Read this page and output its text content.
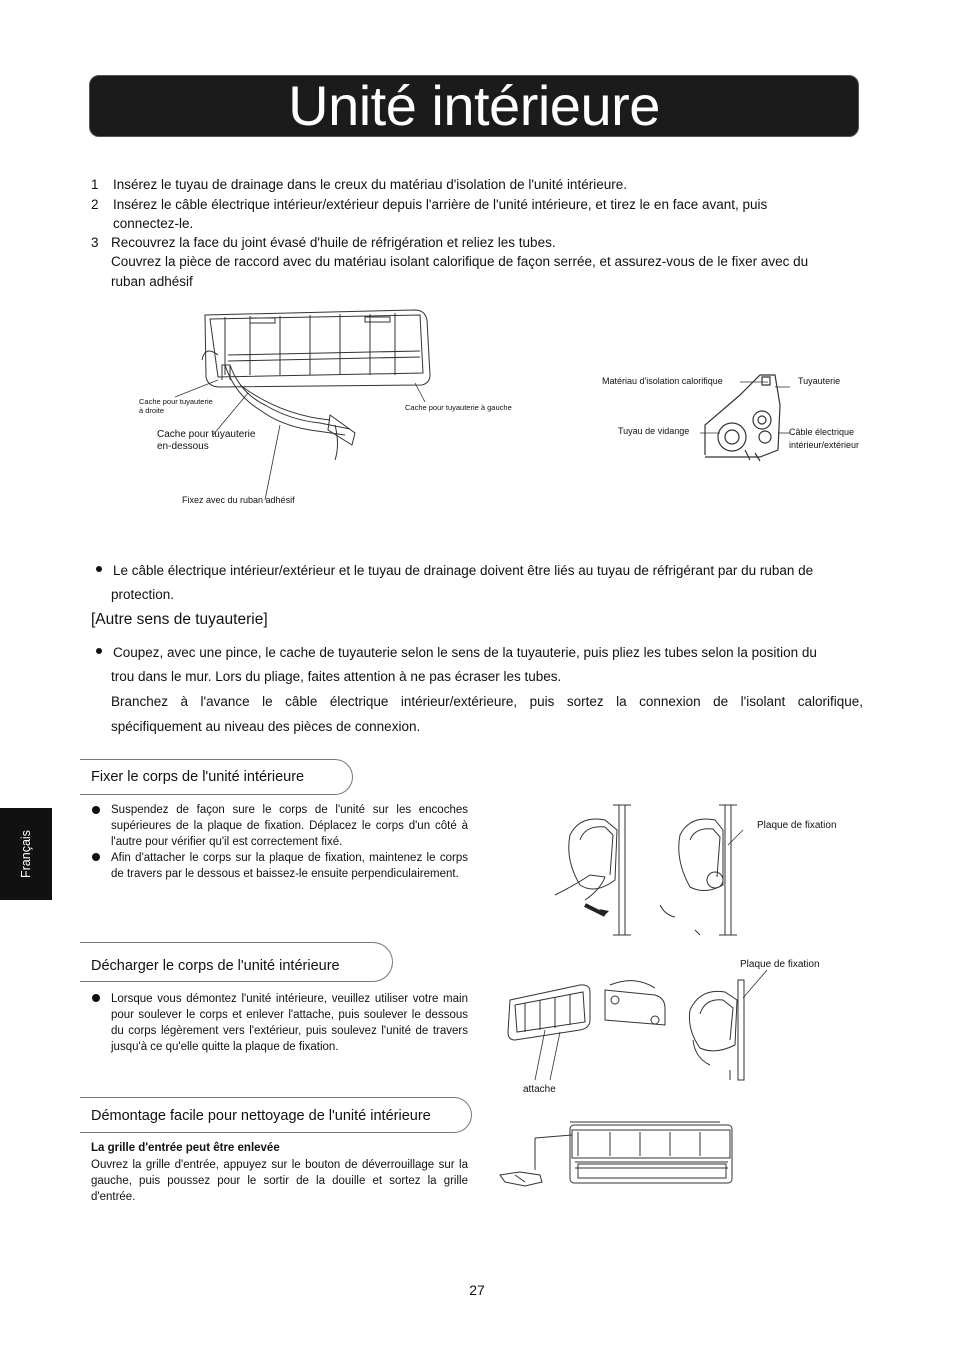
Unité intérieure
1 Insérez le tuyau de drainage dans le creux du matériau d'isolation de l'unité intérieure.
2 Insérez le câble électrique intérieur/extérieur depuis l'arrière de l'unité intérieure, et tirez le en face avant, puis
connectez-le.
3 Recouvrez la face du joint évasé d'huile de réfrigération et reliez les tubes.
Couvrez la pièce de raccord avec du matériau isolant calorifique de façon serrée, et assurez-vous de le fixer avec du
ruban adhésif
Cache pour tuyauterie
à droite	Cache pour tuyauterie à gauche
Cache pour tuyauterie
en-dessous
Fixez avec du ruban adhésif
Matériau d'isolation calorifique	Tuyauterie
Tuyau de vidange	Câble électrique
intérieur/extérieur
Le câble électrique intérieur/extérieur et le tuyau de drainage doivent être liés au tuyau de réfrigérant par du ruban de
protection.
[Autre sens de tuyauterie]
Coupez, avec une pince, le cache de tuyauterie selon le sens de la tuyauterie, puis pliez les tubes selon la position du
trou dans le mur. Lors du pliage, faites attention à ne pas écraser les tubes.
Branchez à l'avance le câble électrique intérieur/extérieure, puis sortez la connexion de l'isolant calorifique,
spécifiquement au niveau des pièces de connexion.
Français
Fixer le corps de l'unité intérieure
Suspendez de façon sure le corps de l'unité sur les encoches supérieures de la plaque de fixation. Déplacez le corps d'un côté à l'autre pour vérifier qu'il est correctement fixé.
Afin d'attacher le corps sur la plaque de fixation, maintenez le corps de travers par le dessous et baissez-le ensuite perpendiculairement.
Plaque de fixation
Décharger le corps de l'unité intérieure
Lorsque vous démontez l'unité intérieure, veuillez utiliser votre main pour soulever le corps et enlever l'attache, puis soulever le dessous du corps légèrement vers l'extérieur, puis soulevez l'unité de travers jusqu'à ce qu'elle quitte la plaque de fixation.
Plaque de fixation
attache
Démontage facile pour nettoyage de l'unité intérieure
La grille d'entrée peut être enlevée
Ouvrez la grille d'entrée, appuyez sur le bouton de déverrouillage sur la gauche, puis poussez pour le sortir de la douille et sortez la grille d'entrée.
27
